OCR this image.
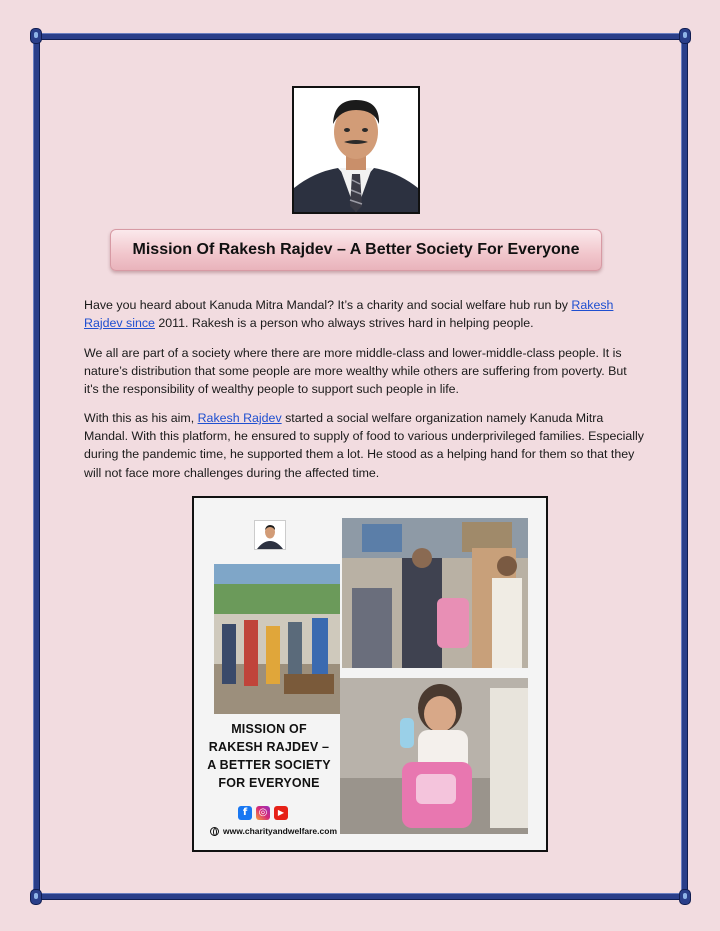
Mission Of Rakesh Rajdev – A Better Society For Everyone

Have you heard about Kanuda Mitra Mandal? It’s a charity and social welfare hub run by Rakesh Rajdev since 2011. Rakesh is a person who always strives hard in helping people.

We all are part of a society where there are more middle-class and lower-middle-class people. It is nature’s distribution that some people are more wealthy while others are suffering from poverty. But it's the responsibility of wealthy people to support such people in life.

With this as his aim, Rakesh Rajdev started a social welfare organization namely Kanuda Mitra Mandal. With this platform, he ensured to supply of food to various underprivileged families. Especially during the pandemic time, he supported them a lot. He stood as a helping hand for them so that they will not face more challenges during the affected time.

MISSION OF RAKESH RAJDEV – A BETTER SOCIETY FOR EVERYONE
f	◎	▶
www.charityandwelfare.com
